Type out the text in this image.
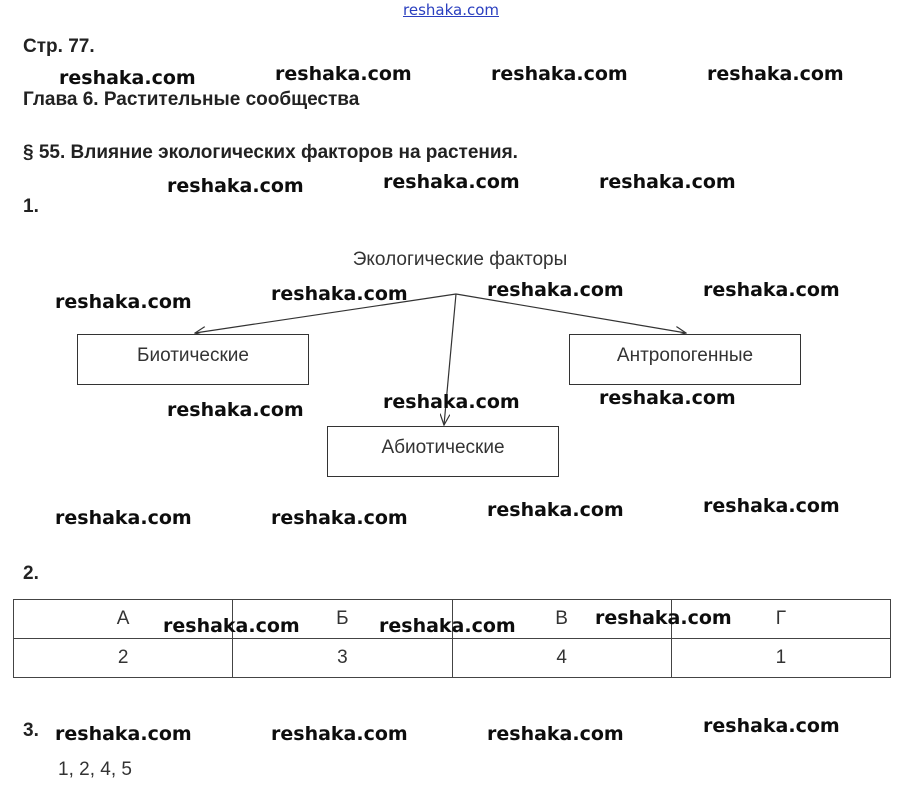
reshaka.com
Стр. 77.
Глава 6. Растительные сообщества
§ 55. Влияние экологических факторов на растения.
1.
Экологические факторы
Биотические	Антропогенные
Абиотические
2.
А	Б	В	Г
2	3	4	1
3.
1, 2, 4, 5
reshaka.com	reshaka.com	reshaka.com	reshaka.com
reshaka.com	reshaka.com	reshaka.com
reshaka.com	reshaka.com	reshaka.com	reshaka.com
reshaka.com	reshaka.com	reshaka.com
reshaka.com	reshaka.com	reshaka.com	reshaka.com
reshaka.com	reshaka.com	reshaka.com
reshaka.com	reshaka.com	reshaka.com	reshaka.com
